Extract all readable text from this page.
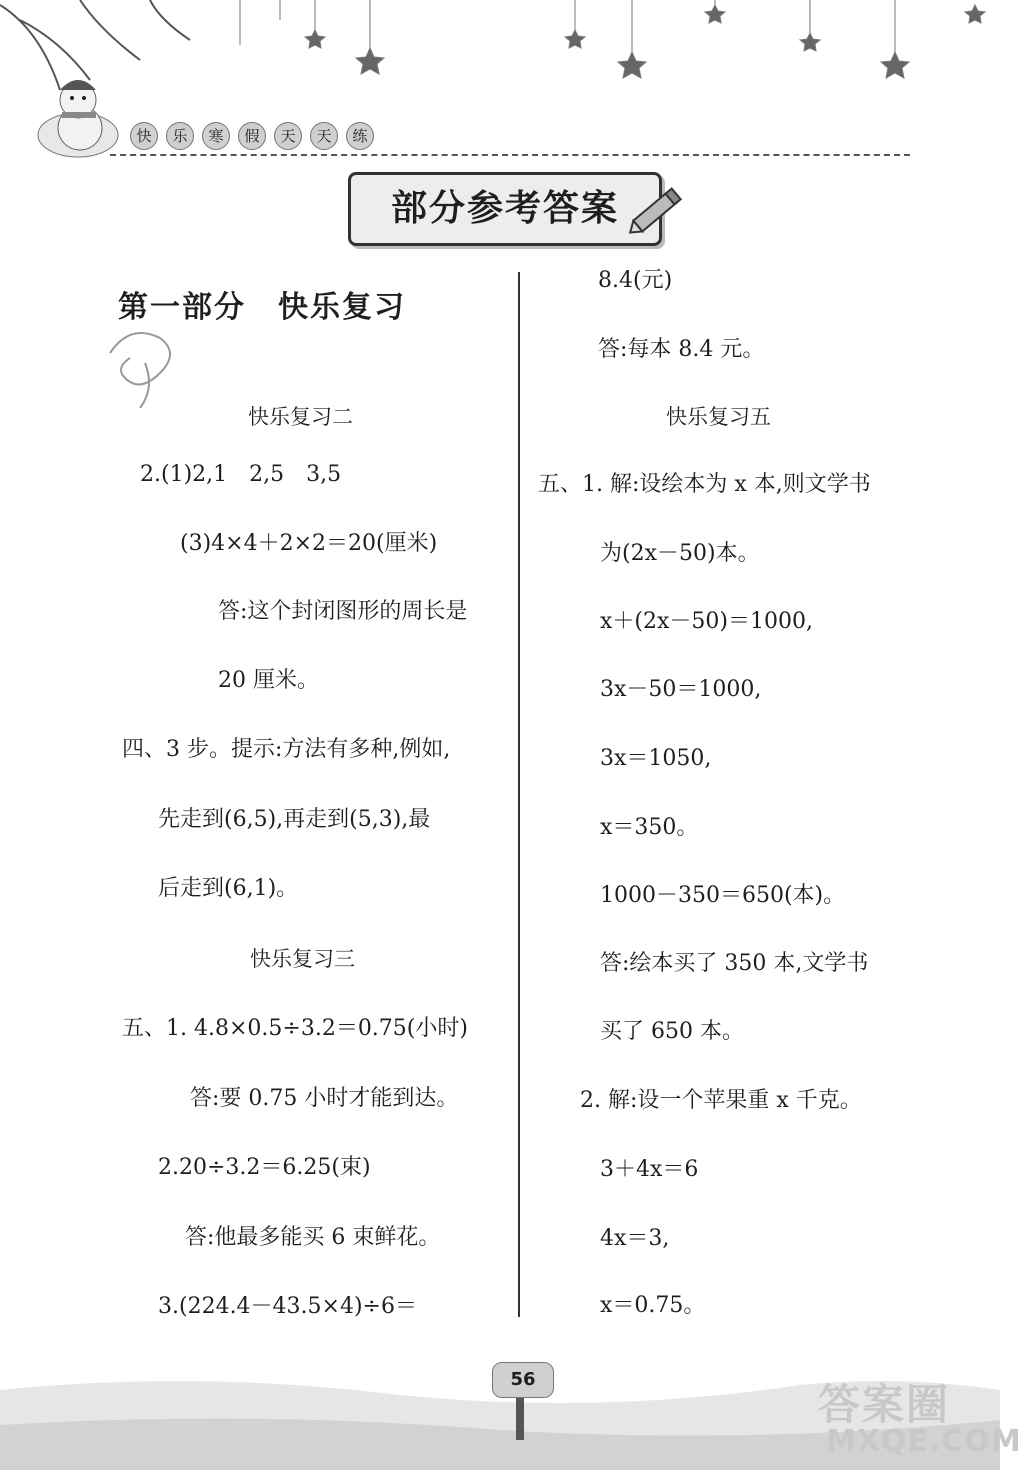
快	乐	寒	假	天	天	练
部分参考答案
第一部分　快乐复习
快乐复习二
2.(1)2,1　2,5　3,5
(3)4×4＋2×2＝20(厘米)
答:这个封闭图形的周长是
20 厘米。
四、3 步。提示:方法有多种,例如,
先走到(6,5),再走到(5,3),最
后走到(6,1)。
快乐复习三
五、1. 4.8×0.5÷3.2＝0.75(小时)
答:要 0.75 小时才能到达。
2.20÷3.2＝6.25(束)
答:他最多能买 6 束鲜花。
3.(224.4－43.5×4)÷6＝
8.4(元)
答:每本 8.4 元。
快乐复习五
五、1. 解:设绘本为 x 本,则文学书
为(2x－50)本。
x＋(2x－50)＝1000,
3x－50＝1000,
3x＝1050,
x＝350。
1000－350＝650(本)。
答:绘本买了 350 本,文学书
买了 650 本。
2. 解:设一个苹果重 x 千克。
3＋4x＝6
4x＝3,
x＝0.75。
56
答案圈
MXQE.COM
